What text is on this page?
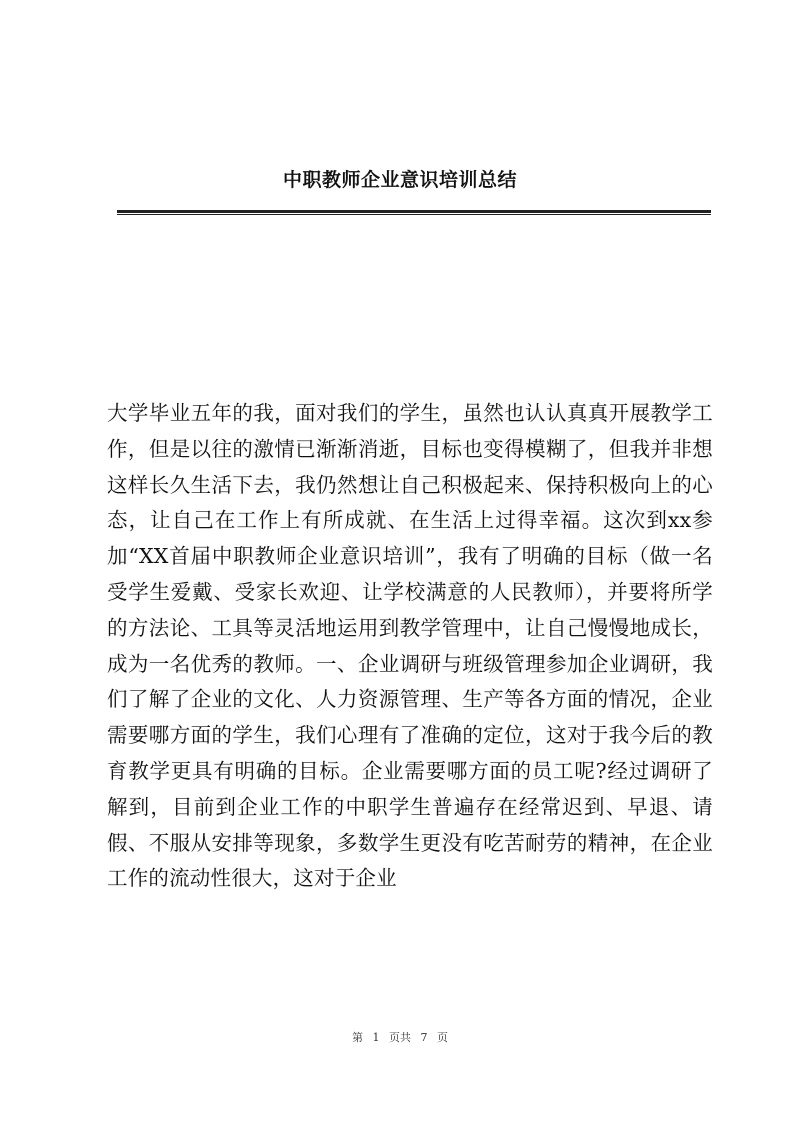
中职教师企业意识培训总结

大学毕业五年的我，面对我们的学生，虽然也认认真真开展教学工作，但是以往的激情已渐渐消逝，目标也变得模糊了，但我并非想这样长久生活下去，我仍然想让自己积极起来、保持积极向上的心态，让自己在工作上有所成就、在生活上过得幸福。这次到xx参加“XX首届中职教师企业意识培训”，我有了明确的目标（做一名受学生爱戴、受家长欢迎、让学校满意的人民教师），并要将所学的方法论、工具等灵活地运用到教学管理中，让自己慢慢地成长，成为一名优秀的教师。一、企业调研与班级管理参加企业调研，我们了解了企业的文化、人力资源管理、生产等各方面的情况，企业需要哪方面的学生，我们心理有了准确的定位，这对于我今后的教育教学更具有明确的目标。企业需要哪方面的员工呢?经过调研了解到，目前到企业工作的中职学生普遍存在经常迟到、早退、请假、不服从安排等现象，多数学生更没有吃苦耐劳的精神，在企业工作的流动性很大，这对于企业

第 1 页共 7 页
